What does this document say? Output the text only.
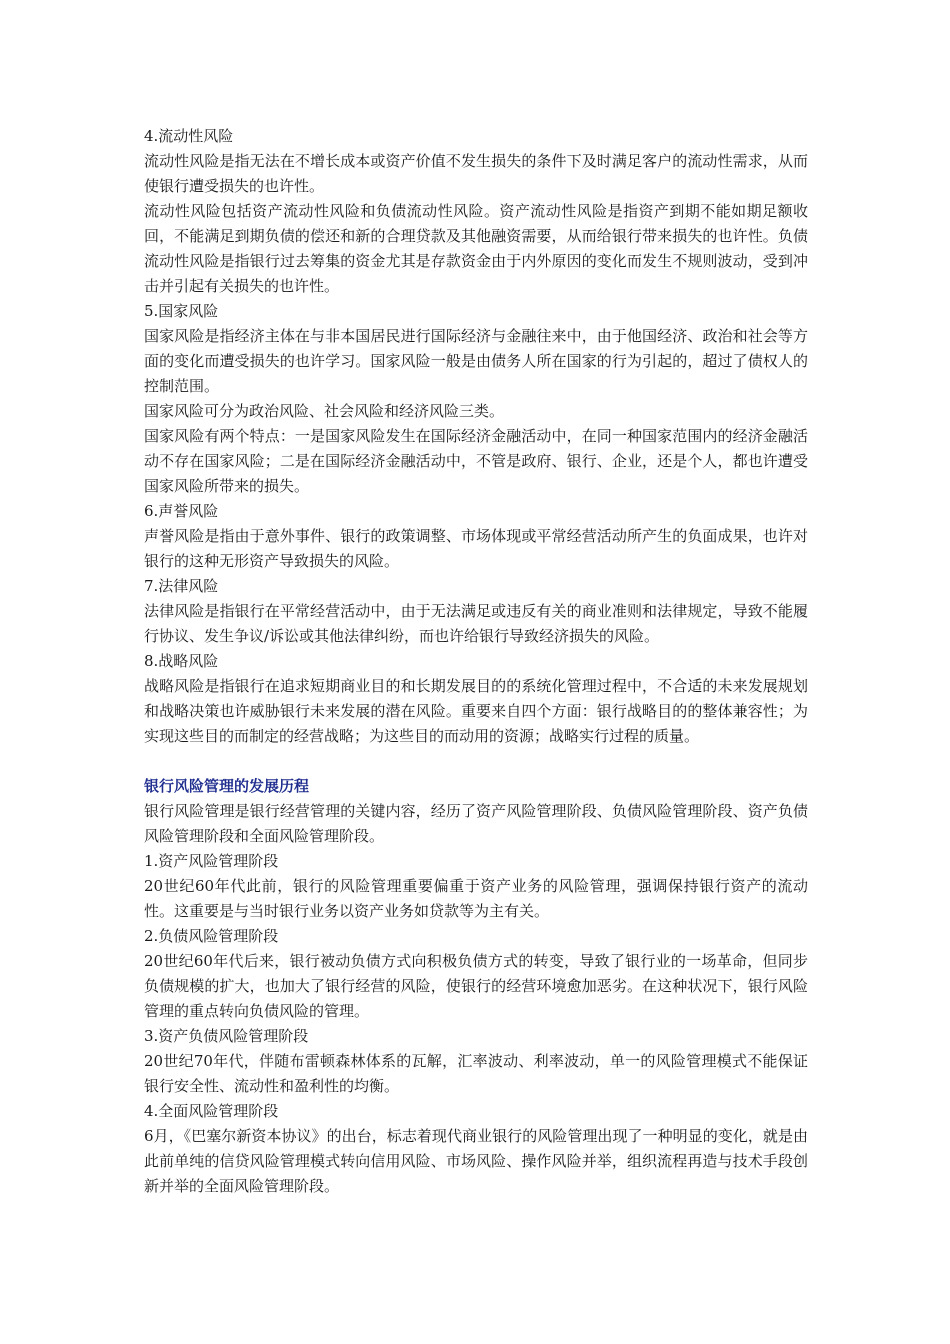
4.流动性风险

流动性风险是指无法在不增长成本或资产价值不发生损失的条件下及时满足客户的流动性需求，从而使银行遭受损失的也许性。

流动性风险包括资产流动性风险和负债流动性风险。资产流动性风险是指资产到期不能如期足额收回，不能满足到期负债的偿还和新的合理贷款及其他融资需要，从而给银行带来损失的也许性。负债流动性风险是指银行过去筹集的资金尤其是存款资金由于内外原因的变化而发生不规则波动，受到冲击并引起有关损失的也许性。

5.国家风险

国家风险是指经济主体在与非本国居民进行国际经济与金融往来中，由于他国经济、政治和社会等方面的变化而遭受损失的也许学习。国家风险一般是由债务人所在国家的行为引起的，超过了债权人的控制范围。

国家风险可分为政治风险、社会风险和经济风险三类。

国家风险有两个特点：一是国家风险发生在国际经济金融活动中，在同一种国家范围内的经济金融活动不存在国家风险；二是在国际经济金融活动中，不管是政府、银行、企业，还是个人，都也许遭受国家风险所带来的损失。

6.声誉风险

声誉风险是指由于意外事件、银行的政策调整、市场体现或平常经营活动所产生的负面成果，也许对银行的这种无形资产导致损失的风险。

7.法律风险

法律风险是指银行在平常经营活动中，由于无法满足或违反有关的商业准则和法律规定，导致不能履行协议、发生争议/诉讼或其他法律纠纷，而也许给银行导致经济损失的风险。

8.战略风险

战略风险是指银行在追求短期商业目的和长期发展目的的系统化管理过程中，不合适的未来发展规划和战略决策也许威胁银行未来发展的潜在风险。重要来自四个方面：银行战略目的的整体兼容性；为实现这些目的而制定的经营战略；为这些目的而动用的资源；战略实行过程的质量。

银行风险管理的发展历程

银行风险管理是银行经营管理的关键内容，经历了资产风险管理阶段、负债风险管理阶段、资产负债风险管理阶段和全面风险管理阶段。

1.资产风险管理阶段

20世纪60年代此前，银行的风险管理重要偏重于资产业务的风险管理，强调保持银行资产的流动性。这重要是与当时银行业务以资产业务如贷款等为主有关。

2.负债风险管理阶段

20世纪60年代后来，银行被动负债方式向积极负债方式的转变，导致了银行业的一场革命，但同步负债规模的扩大，也加大了银行经营的风险，使银行的经营环境愈加恶劣。在这种状况下，银行风险管理的重点转向负债风险的管理。

3.资产负债风险管理阶段

20世纪70年代，伴随布雷顿森林体系的瓦解，汇率波动、利率波动，单一的风险管理模式不能保证银行安全性、流动性和盈利性的均衡。

4.全面风险管理阶段

6月，《巴塞尔新资本协议》的出台，标志着现代商业银行的风险管理出现了一种明显的变化，就是由此前单纯的信贷风险管理模式转向信用风险、市场风险、操作风险并举，组织流程再造与技术手段创新并举的全面风险管理阶段。
